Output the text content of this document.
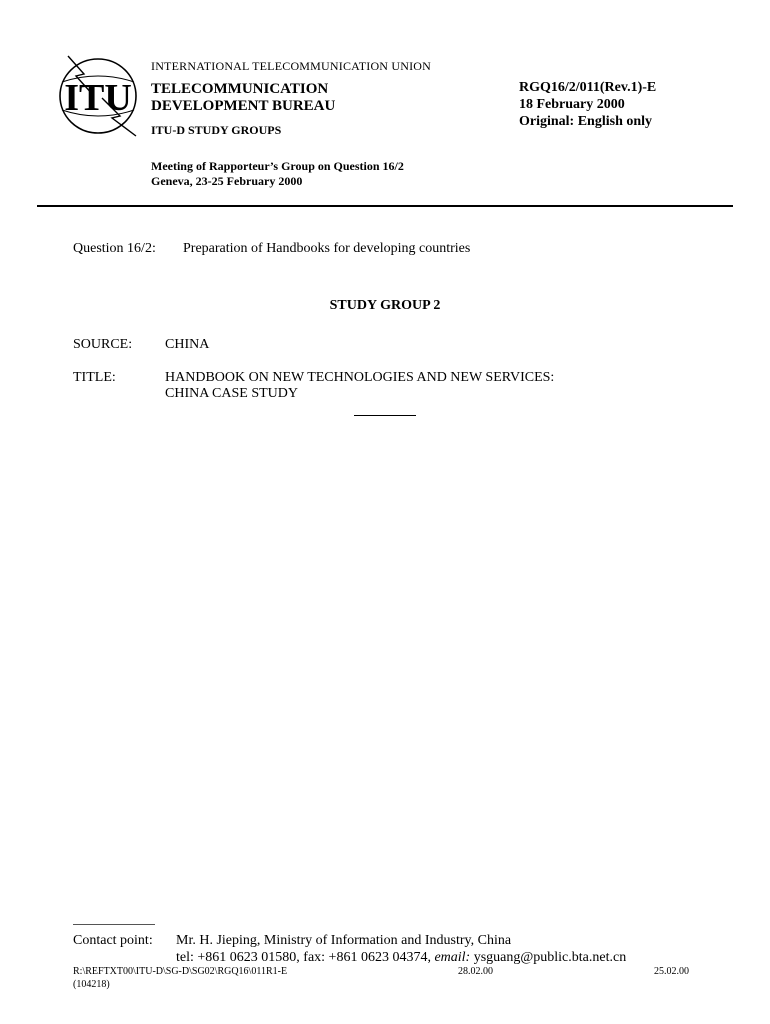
ITU
INTERNATIONAL TELECOMMUNICATION UNION
TELECOMMUNICATION
DEVELOPMENT BUREAU
ITU-D STUDY GROUPS
RGQ16/2/011(Rev.1)-E
18 February 2000
Original: English only
Meeting of Rapporteur’s Group on Question 16/2
Geneva, 23-25 February 2000
Question 16/2: Preparation of Handbooks for developing countries
STUDY GROUP 2
SOURCE: CHINA
TITLE:	HANDBOOK ON NEW TECHNOLOGIES AND NEW SERVICES:
CHINA CASE STUDY
Contact point: Mr. H. Jieping, Ministry of Information and Industry, China
tel: +861 0623 01580, fax: +861 0623 04374, email: ysguang@public.bta.net.cn
R:\REFTXT00\ITU-D\SG-D\SG02\RGQ16\011R1-E	28.02.00	25.02.00
(104218)
